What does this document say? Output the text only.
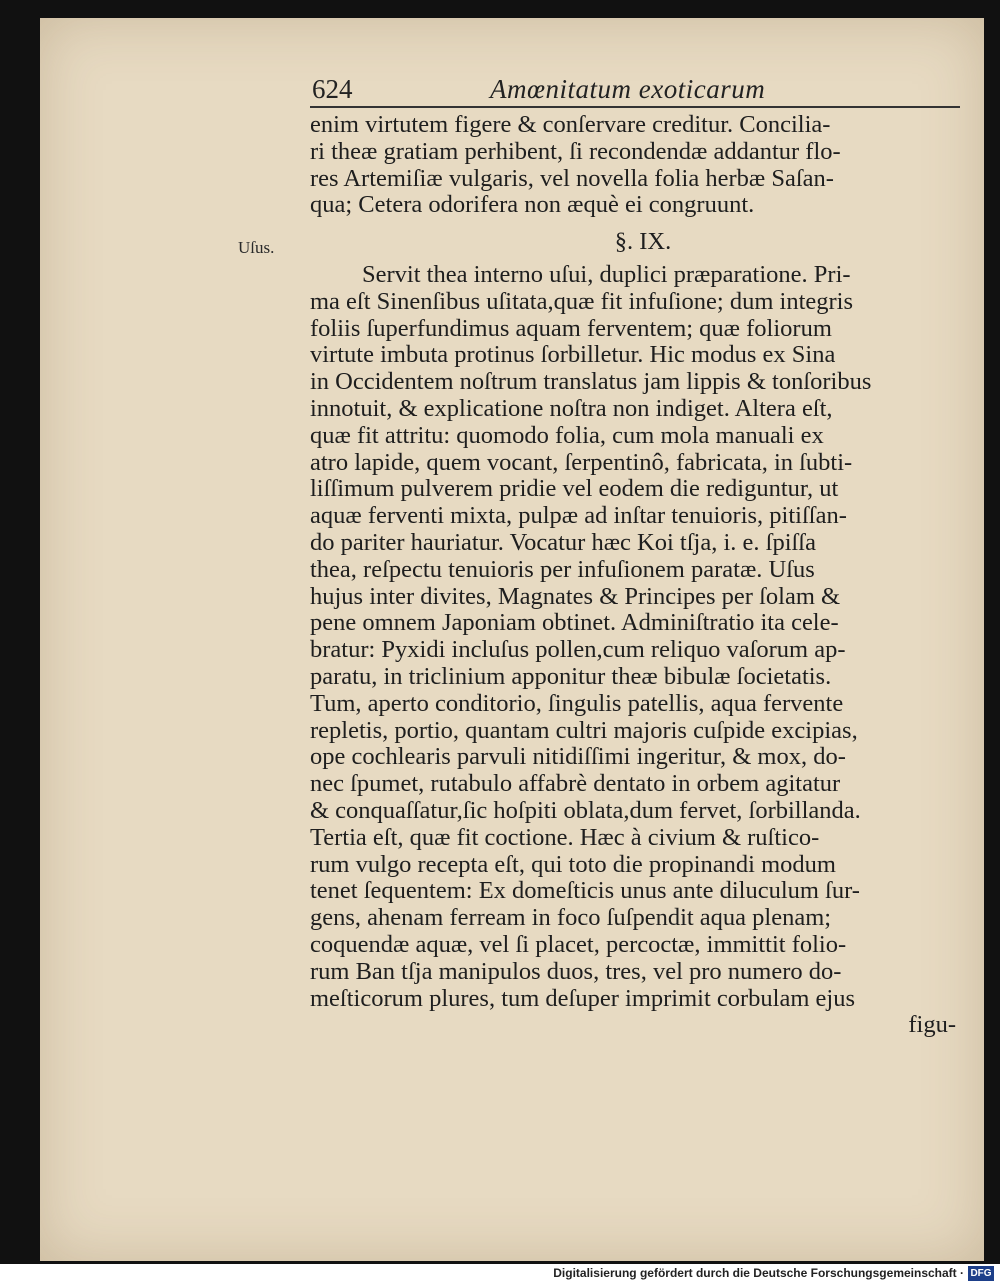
624	Amœnitatum exoticarum
Uſus.
enim virtutem figere & conſervare creditur. Concilia-
ri theæ gratiam perhibent, ſi recondendæ addantur flo-
res Artemiſiæ vulgaris, vel novella folia herbæ Saſan-
qua; Cetera odorifera non æquè ei congruunt.
§. IX.
Servit thea interno uſui, duplici præparatione. Pri-
ma eſt Sinenſibus uſitata,quæ fit infuſione; dum integris
foliis ſuperfundimus aquam ferventem; quæ foliorum
virtute imbuta protinus ſorbilletur. Hic modus ex Sina
in Occidentem noſtrum translatus jam lippis & tonſoribus
innotuit, & explicatione noſtra non indiget. Altera eſt,
quæ fit attritu: quomodo folia, cum mola manuali ex
atro lapide, quem vocant, ſerpentinô, fabricata, in ſubti-
liſſimum pulverem pridie vel eodem die rediguntur, ut
aquæ ferventi mixta, pulpæ ad inſtar tenuioris, pitiſſan-
do pariter hauriatur. Vocatur hæc Koi tſja, i. e. ſpiſſa
thea, reſpectu tenuioris per infuſionem paratæ. Uſus
hujus inter divites, Magnates & Principes per ſolam &
pene omnem Japoniam obtinet. Adminiſtratio ita cele-
bratur: Pyxidi incluſus pollen,cum reliquo vaſorum ap-
paratu, in triclinium apponitur theæ bibulæ ſocietatis.
Tum, aperto conditorio, ſingulis patellis, aqua fervente
repletis, portio, quantam cultri majoris cuſpide excipias,
ope cochlearis parvuli nitidiſſimi ingeritur, & mox, do-
nec ſpumet, rutabulo affabrè dentato in orbem agitatur
& conquaſſatur,ſic hoſpiti oblata,dum fervet, ſorbillanda.
Tertia eſt, quæ fit coctione. Hæc à civium & ruſtico-
rum vulgo recepta eſt, qui toto die propinandi modum
tenet ſequentem: Ex domeſticis unus ante diluculum ſur-
gens, ahenam ferream in foco ſuſpendit aqua plenam;
coquendæ aquæ, vel ſi placet, percoctæ, immittit folio-
rum Ban tſja manipulos duos, tres, vel pro numero do-
meſticorum plures, tum deſuper imprimit corbulam ejus
figu-
Digitalisierung gefördert durch die Deutsche Forschungsgemeinschaft · DFG
